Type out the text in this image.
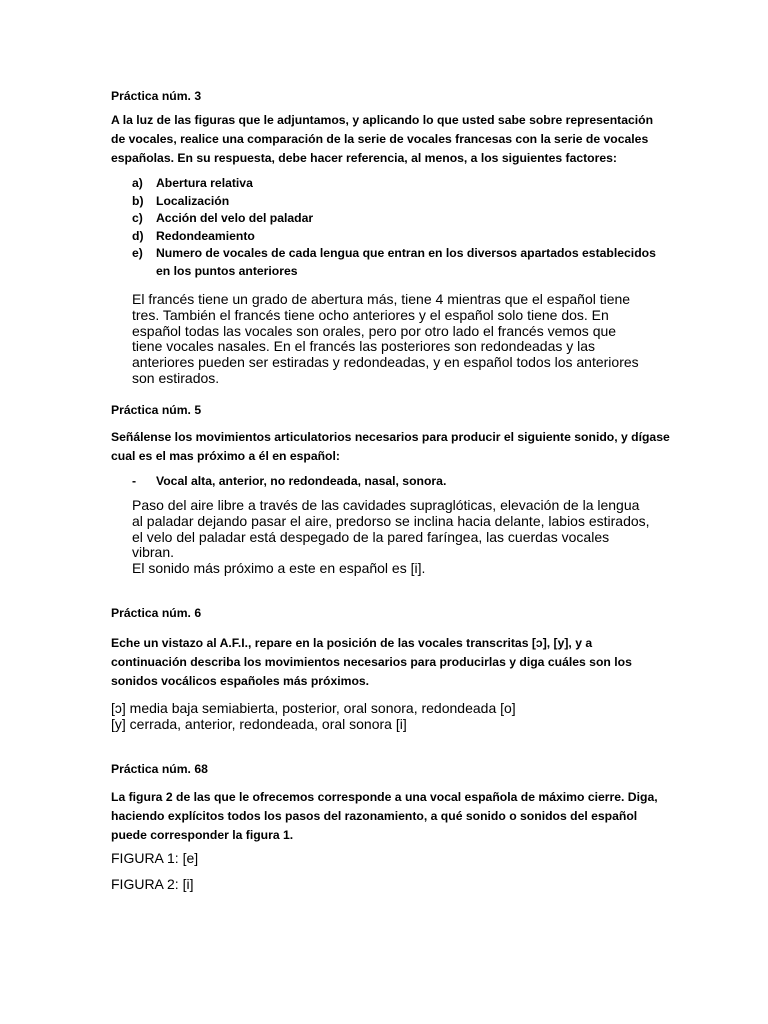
Práctica núm. 3

A la luz de las figuras que le adjuntamos, y aplicando lo que usted sabe sobre representación
de vocales, realice una comparación de la serie de vocales francesas con la serie de vocales
españolas. En su respuesta, debe hacer referencia, al menos, a los siguientes factores:

a) Abertura relativa
b) Localización
c) Acción del velo del paladar
d) Redondeamiento
e) Numero de vocales de cada lengua que entran en los diversos apartados establecidos
en los puntos anteriores

El francés tiene un grado de abertura más, tiene 4 mientras que el español tiene
tres. También el francés tiene ocho anteriores y el español solo tiene dos. En
español todas las vocales son orales, pero por otro lado el francés vemos que
tiene vocales nasales. En el francés las posteriores son redondeadas y las
anteriores pueden ser estiradas y redondeadas, y en español todos los anteriores
son estirados.

Práctica núm. 5

Señálense los movimientos articulatorios necesarios para producir el siguiente sonido, y dígase
cual es el mas próximo a él en español:

- Vocal alta, anterior, no redondeada, nasal, sonora.

Paso del aire libre a través de las cavidades supraglóticas, elevación de la lengua
al paladar dejando pasar el aire, predorso se inclina hacia delante, labios estirados,
el velo del paladar está despegado de la pared faríngea, las cuerdas vocales
vibran.
El sonido más próximo a este en español es [i].

Práctica núm. 6

Eche un vistazo al A.F.I., repare en la posición de las vocales transcritas [ɔ], [y], y a
continuación describa los movimientos necesarios para producirlas y diga cuáles son los
sonidos vocálicos españoles más próximos.

[ɔ] media baja semiabierta, posterior, oral sonora, redondeada [o]
[y] cerrada, anterior, redondeada, oral sonora [i]

Práctica núm. 68

La figura 2 de las que le ofrecemos corresponde a una vocal española de máximo cierre. Diga,
haciendo explícitos todos los pasos del razonamiento, a qué sonido o sonidos del español
puede corresponder la figura 1.

FIGURA 1: [e]

FIGURA 2: [i]
